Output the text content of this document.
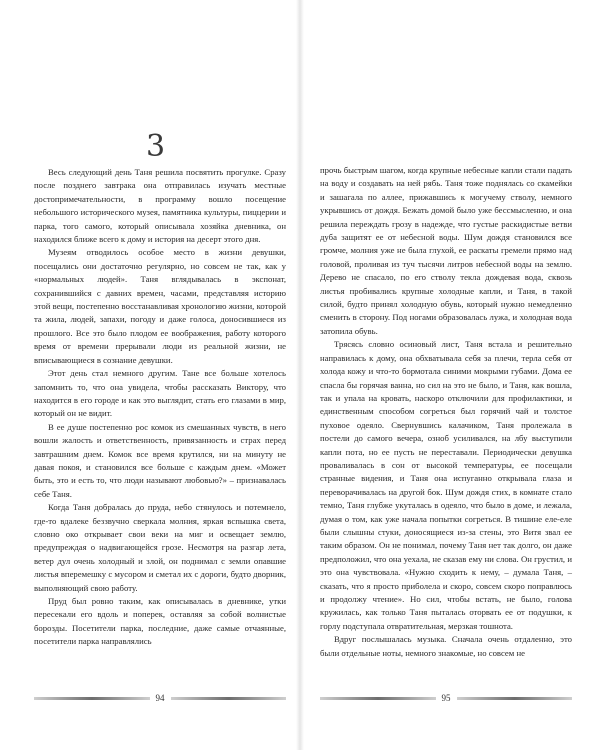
3

Весь следующий день Таня решила посвятить прогулке. Сразу после позднего завтрака она отправилась изучать местные достопримечательности, в программу вошло посещение небольшого исторического музея, памятника культуры, пиццерии и парка, того самого, который описывала хозяйка дневника, он находился ближе всего к дому и история на десерт этого дня.

Музеям отводилось особое место в жизни девушки, посещались они достаточно регулярно, но совсем не так, как у «нормальных людей». Таня вглядывалась в экспонат, сохранившийся с давних времен, часами, представляя историю этой вещи, постепенно восстанавливая хронологию жизни, которой та жила, людей, запахи, погоду и даже голоса, доносившиеся из прошлого. Все это было плодом ее воображения, работу которого время от времени прерывали люди из реальной жизни, не вписывающиеся в сознание девушки.

Этот день стал немного другим. Тане все больше хотелось запомнить то, что она увидела, чтобы рассказать Виктору, что находится в его городе и как это выглядит, стать его глазами в мир, который он не видит.

В ее душе постепенно рос комок из смешанных чувств, в него вошли жалость и ответственность, привязанность и страх перед завтрашним днем. Комок все время крутился, ни на минуту не давая покоя, и становился все больше с каждым днем. «Может быть, это и есть то, что люди называют любовью?» – признавалась себе Таня.

Когда Таня добралась до пруда, небо стянулось и потемнело, где-то вдалеке беззвучно сверкала молния, яркая вспышка света, словно око открывает свои веки на миг и освещает землю, предупреждая о надвигающейся грозе. Несмотря на разгар лета, ветер дул очень холодный и злой, он поднимал с земли опавшие листья вперемешку с мусором и сметал их с дороги, будто дворник, выполняющий свою работу.

Пруд был ровно таким, как описывалась в дневнике, утки пересекали его вдоль и поперек, оставляя за собой волнистые борозды. Посетители парка, последние, даже самые отчаянные, посетители парка направлялись

94

прочь быстрым шагом, когда крупные небесные капли стали падать на воду и создавать на ней рябь. Таня тоже поднялась со скамейки и зашагала по аллее, прижавшись к могучему стволу, немного укрывшись от дождя. Бежать домой было уже бессмысленно, и она решила переждать грозу в надежде, что густые раскидистые ветви дуба защитят ее от небесной воды. Шум дождя становился все громче, молния уже не была глухой, ее раскаты гремели прямо над головой, проливая из туч тысячи литров небесной воды на землю. Дерево не спасало, по его стволу текла дождевая вода, сквозь листья пробивались крупные холодные капли, и Таня, в такой силой, будто принял холодную обувь, который нужно немедленно сменить в сторону. Под ногами образовалась лужа, и холодная вода затопила обувь.

Трясясь словно осиновый лист, Таня встала и решительно направилась к дому, она обхватывала себя за плечи, терла себя от холода кожу и что-то бормотала синими мокрыми губами. Дома ее спасла бы горячая ванна, но сил на это не было, и Таня, как вошла, так и упала на кровать, наскоро отключили для профилактики, и единственным способом согреться был горячий чай и толстое пуховое одеяло. Свернувшись калачиком, Таня пролежала в постели до самого вечера, озноб усиливался, на лбу выступили капли пота, но ее пусть не переставали. Периодически девушка проваливалась в сон от высокой температуры, ее посещали странные видения, и Таня она испуганно открывала глаза и переворачивалась на другой бок. Шум дождя стих, в комнате стало темно, Таня глубже укуталась в одеяло, что было в доме, и лежала, думая о том, как уже начала попытки согреться. В тишине еле-еле были слышны стуки, доносящиеся из-за стены, это Витя звал ее таким образом. Он не понимал, почему Таня нет так долго, он даже предположил, что она уехала, не сказав ему ни слова. Он грустил, и это она чувствовала. «Нужно сходить к нему, – думала Таня, – сказать, что я просто приболела и скоро, совсем скоро поправлюсь и продолжу чтение». Но сил, чтобы встать, не было, голова кружилась, как только Таня пыталась оторвать ее от подушки, к горлу подступала отвратительная, мерзкая тошнота.

Вдруг послышалась музыка. Сначала очень отдаленно, это были отдельные ноты, немного знакомые, но совсем не

95
